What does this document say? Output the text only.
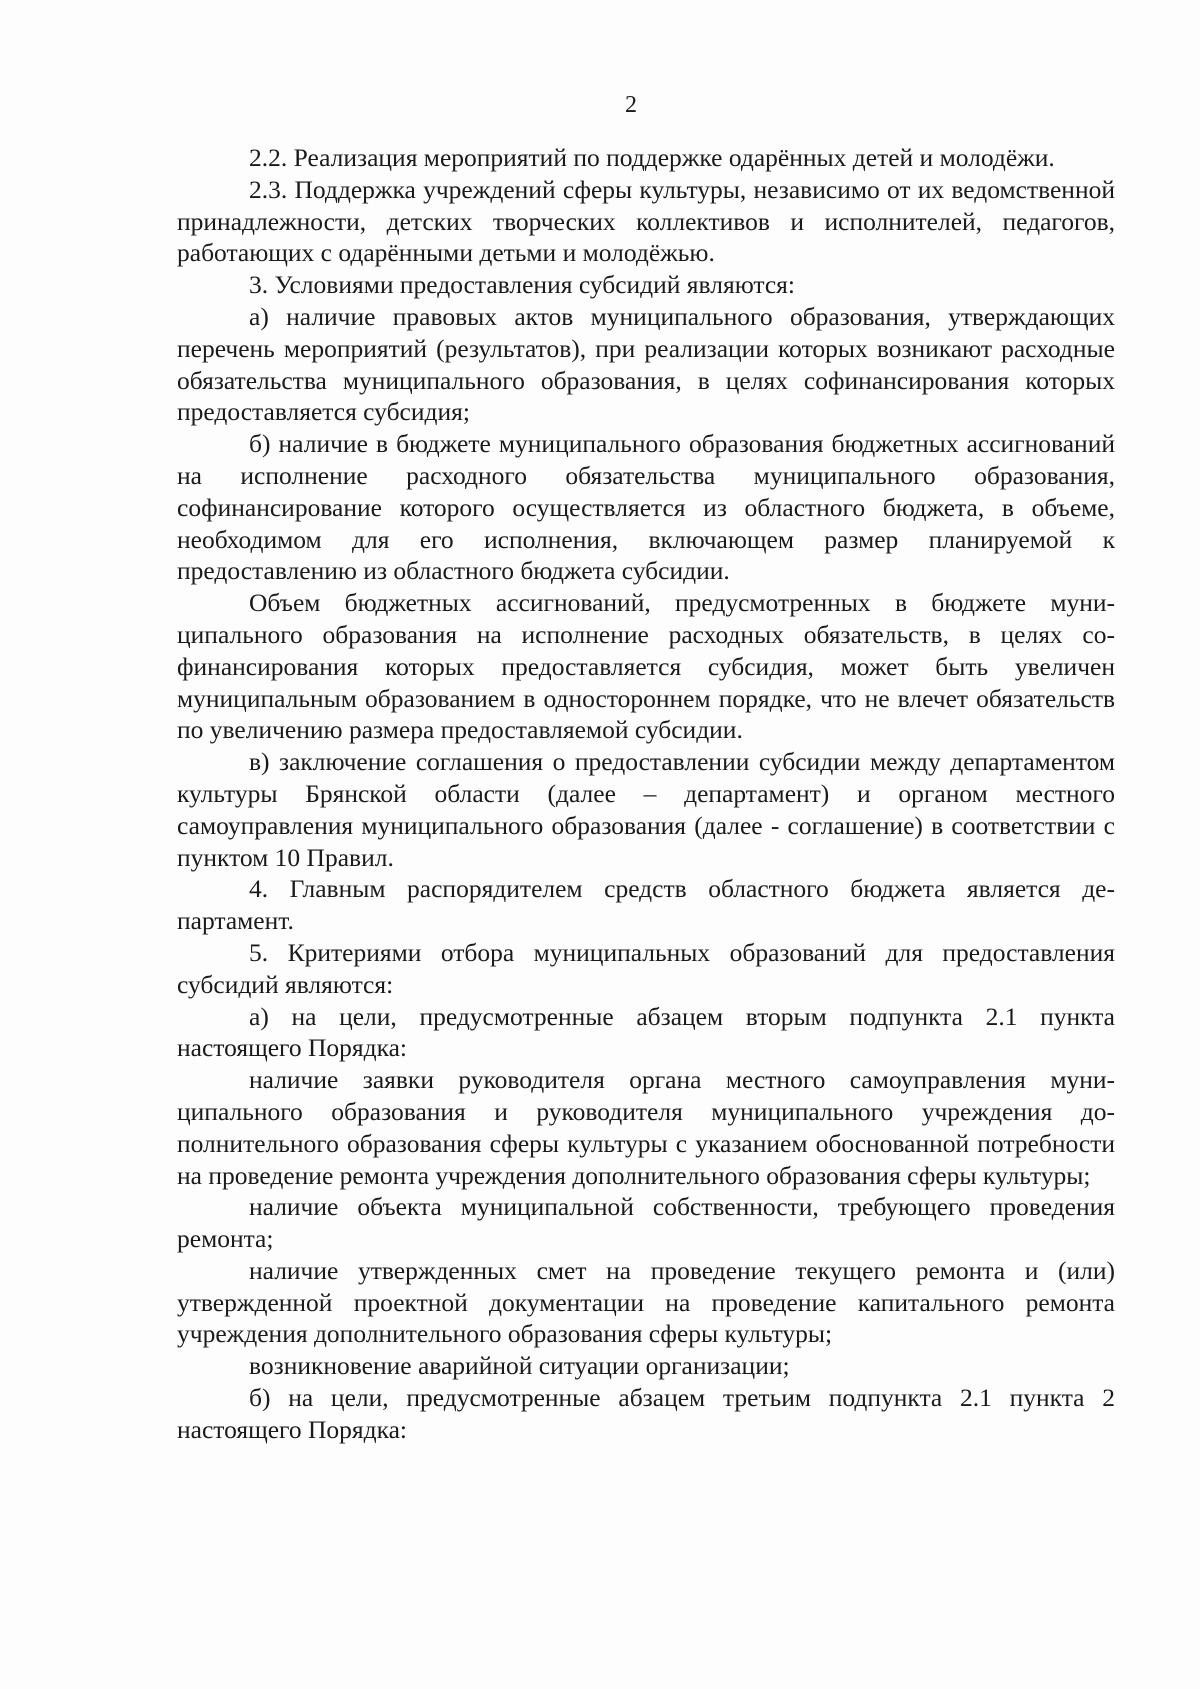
2

2.2. Реализация мероприятий по поддержке одарённых детей и молодёжи.

2.3. Поддержка учреждений сферы культуры, независимо от их ведомственной принадлежности, детских творческих коллективов и исполнителей, педагогов, работающих с одарёнными детьми и молодёжью.

3. Условиями предоставления субсидий являются:

а) наличие правовых актов муниципального образования, утверждающих перечень мероприятий (результатов), при реализации которых возникают расходные обязательства муниципального образования, в целях софинансирования которых предоставляется субсидия;

б) наличие в бюджете муниципального образования бюджетных ассигнований на исполнение расходного обязательства муниципального образования, софинансирование которого осуществляется из областного бюджета, в объеме, необходимом для его исполнения, включающем размер планируемой к предоставлению из областного бюджета субсидии.

Объем бюджетных ассигнований, предусмотренных в бюджете муниципального образования на исполнение расходных обязательств, в целях софинансирования которых предоставляется субсидия, может быть увеличен муниципальным образованием в одностороннем порядке, что не влечет обязательств по увеличению размера предоставляемой субсидии.

в) заключение соглашения о предоставлении субсидии между департаментом культуры Брянской области (далее – департамент) и органом местного самоуправления муниципального образования (далее - соглашение) в соответствии с пунктом 10 Правил.

4. Главным распорядителем средств областного бюджета является департамент.

5. Критериями отбора муниципальных образований для предоставления субсидий являются:

а) на цели, предусмотренные абзацем вторым подпункта 2.1 пункта настоящего Порядка:

наличие заявки руководителя органа местного самоуправления муниципального образования и руководителя муниципального учреждения дополнительного образования сферы культуры с указанием обоснованной потребности на проведение ремонта учреждения дополнительного образования сферы культуры;

наличие объекта муниципальной собственности, требующего проведения ремонта;

наличие утвержденных смет на проведение текущего ремонта и (или) утвержденной проектной документации на проведение капитального ремонта учреждения дополнительного образования сферы культуры;

возникновение аварийной ситуации организации;

б) на цели, предусмотренные абзацем третьим подпункта 2.1 пункта 2 настоящего Порядка:
